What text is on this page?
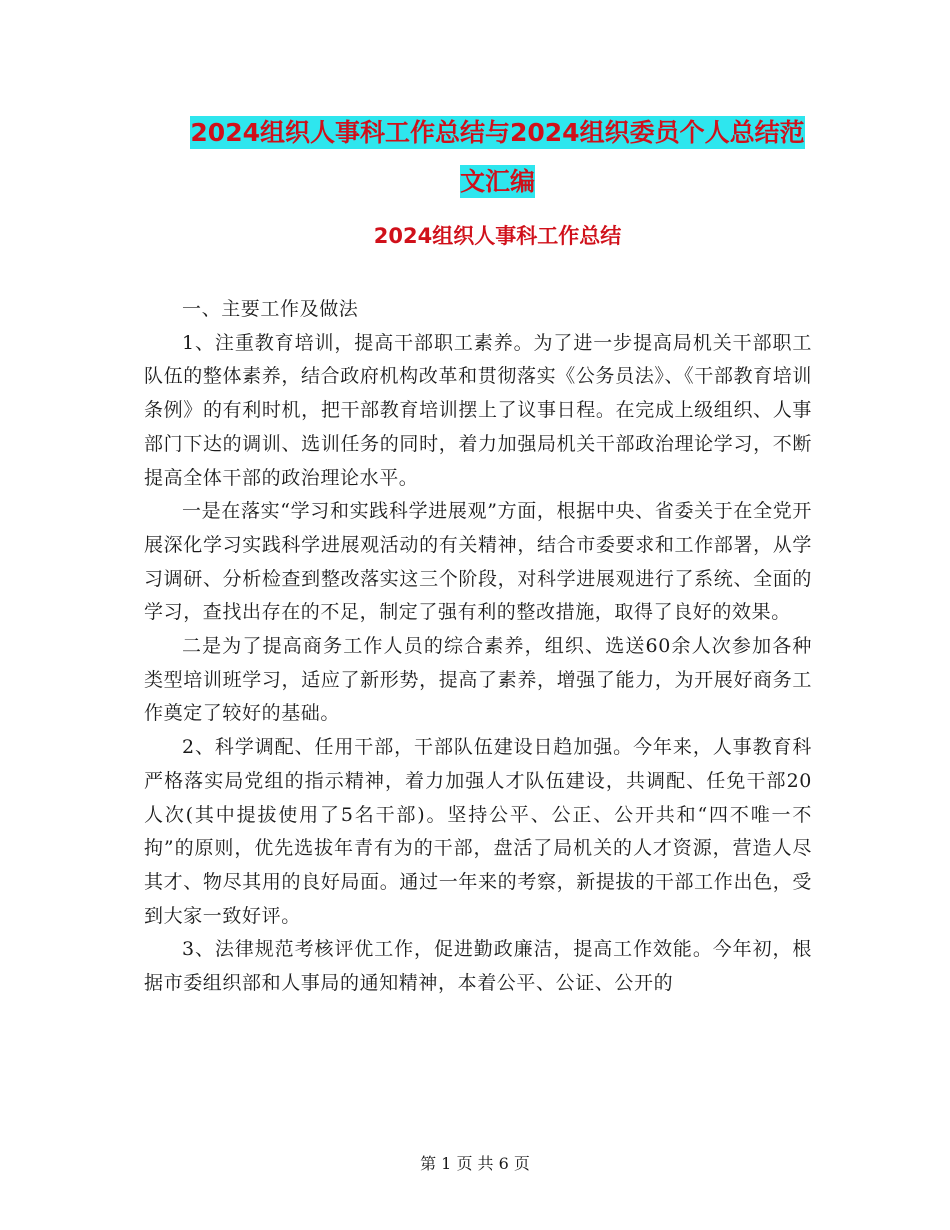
2024组织人事科工作总结与2024组织委员个人总结范
文汇编
2024组织人事科工作总结

一、主要工作及做法

1、注重教育培训，提高干部职工素养。为了进一步提高局机关干部职工队伍的整体素养，结合政府机构改革和贯彻落实《公务员法》、《干部教育培训条例》的有利时机，把干部教育培训摆上了议事日程。在完成上级组织、人事部门下达的调训、选训任务的同时，着力加强局机关干部政治理论学习，不断提高全体干部的政治理论水平。

一是在落实“学习和实践科学进展观”方面，根据中央、省委关于在全党开展深化学习实践科学进展观活动的有关精神，结合市委要求和工作部署，从学习调研、分析检查到整改落实这三个阶段，对科学进展观进行了系统、全面的学习，查找出存在的不足，制定了强有利的整改措施，取得了良好的效果。

二是为了提高商务工作人员的综合素养，组织、选送60余人次参加各种类型培训班学习，适应了新形势，提高了素养，增强了能力，为开展好商务工作奠定了较好的基础。

2、科学调配、任用干部，干部队伍建设日趋加强。今年来，人事教育科严格落实局党组的指示精神，着力加强人才队伍建设，共调配、任免干部20人次(其中提拔使用了5名干部)。坚持公平、公正、公开共和“四不唯一不拘”的原则，优先选拔年青有为的干部，盘活了局机关的人才资源，营造人尽其才、物尽其用的良好局面。通过一年来的考察，新提拔的干部工作出色，受到大家一致好评。

3、法律规范考核评优工作，促进勤政廉洁，提高工作效能。今年初，根据市委组织部和人事局的通知精神，本着公平、公证、公开的

第 1 页 共 6 页
